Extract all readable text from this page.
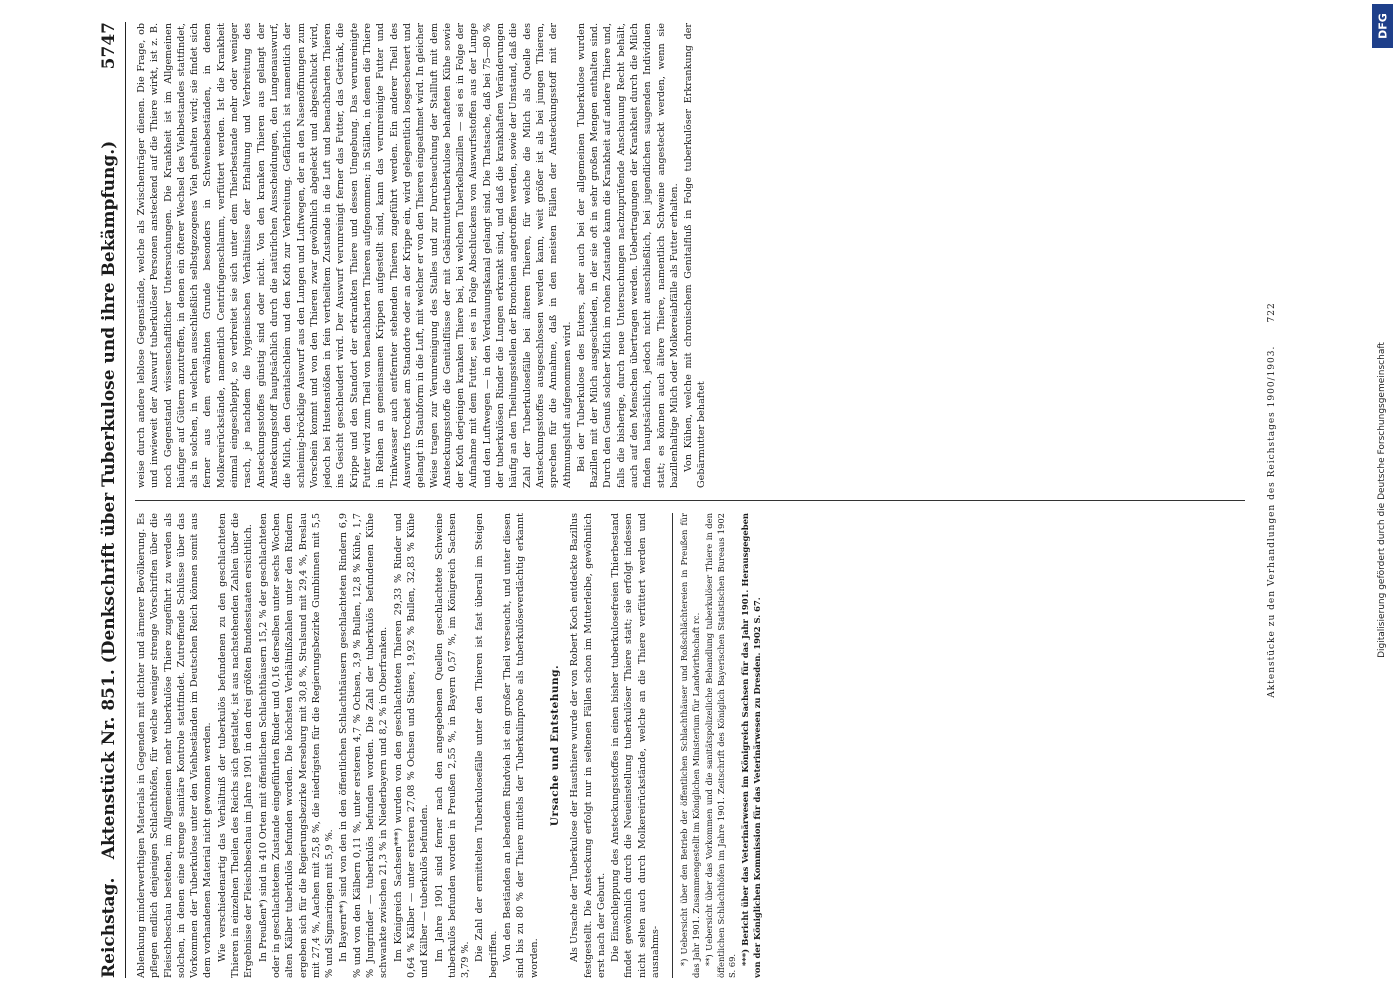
Reichstag.
Aktenstück Nr. 851. (Denkschrift über Tuberkulose und ihre Bekämpfung.)
5747

Ablenkung minderwerthigen Materials in Gegenden mit dichter und ärmerer Bevölkerung. Es pflegen endlich denjenigen Schlachthöfen, für welche weniger strenge Vorschriften über die Fleischbeschau bestehen, im Allgemeinen mehr tuberkulöse Thiere zugeführt zu werden als solchen, in denen eine strenge sanitäre Kontrole stattfindet. Zutreffende Schlüsse über das Vorkommen der Tuberkulose unter den Viehbeständen im Deutschen Reich können somit aus dem vorhandenen Material nicht gewonnen werden. Wie verschiedenartig das Verhältniß der tuberkulös befundenen zu den geschlachteten Thieren in einzelnen Theilen des Reichs sich gestaltet, ist aus nachstehenden Zahlen über die Ergebnisse der Fleischbeschau im Jahre 1901 in den drei größten Bundesstaaten ersichtlich. In Preußen*) sind in 410 Orten mit öffentlichen Schlachthäusern 15,2 % der geschlachteten oder in geschlachtetem Zustande eingeführten Rinder und 0,16 derselben unter sechs Wochen alten Kälber tuberkulös befunden worden. Die höchsten Verhältnißzahlen unter den Rindern ergeben sich für die Regierungsbezirke Merseburg mit 30,8 %, Stralsund mit 29,4 %, Breslau mit 27,4 %, Aachen mit 25,8 %, die niedrigsten für die Regierungsbezirke Gumbinnen mit 5,5 % und Sigmaringen mit 5,9 %. In Bayern**) sind von den in den öffentlichen Schlachthäusern geschlachteten Rindern 6,9 % und von den Kälbern 0,11 %, unter ersteren 4,7 % Ochsen, 3,9 % Bullen, 12,8 % Kühe, 1,7 % Jungrinder — tuberkulös befunden worden. Die Zahl der tuberkulös befundenen Kühe schwankte zwischen 21,3 % in Niederbayern und 8,2 % in Oberfranken. Im Königreich Sachsen***) wurden von den geschlachteten Thieren 29,33 % Rinder und 0,64 % Kälber — unter ersteren 27,08 % Ochsen und Stiere, 19,92 % Bullen, 32,83 % Kühe und Kälber — tuberkulös befunden. Im Jahre 1901 sind ferner nach den angegebenen Quellen geschlachtete Schweine tuberkulös befunden worden in Preußen 2,55 %, in Bayern 0,57 %, im Königreich Sachsen 3,79 %. Die Zahl der ermittelten Tuberkulosefälle unter den Thieren ist fast überall im Steigen begriffen. Von den Beständen an lebendem Rindvieh ist ein großer Theil verseucht, und unter diesen sind bis zu 80 % der Thiere mittels der Tuberkulinprobe als tuberkulöseverdächtig erkannt worden.

Ursache und Entstehung. Als Ursache der Tuberkulose der Hausthiere wurde der von Robert Koch entdeckte Bazillus festgestellt. Die Ansteckung erfolgt nur in seltenen Fällen schon im Mutterleibe, gewöhnlich erst nach der Geburt. Die Einschleppung des Ansteckungsstoffes in einen bisher tuberkulosefreien Thierbestand findet gewöhnlich durch die Neueinstellung tuberkulöser Thiere statt; sie erfolgt indessen nicht selten auch durch Molkereirückstände, welche an die Thiere verfüttert werden und ausnahms- *) Uebersicht über den Betrieb der öffentlichen Schlachthäuser und Roßschlächtereien in Preußen für das Jahr 1901. Zusammengestellt im Königlichen Ministerium für Landwirthschaft rc. **) Uebersicht über das Vorkommen und die sanitätspolizeiliche Behandlung tuberkulöser Thiere in den öffentlichen Schlachthöfen im Jahre 1901. Zeitschrift des Königlich Bayerischen Statistischen Bureaus 1902 S. 69. ***) Bericht über das Veterinärwesen im Königreich Sachsen für das Jahr 1901. Herausgegeben von der Königlichen Kommission für das Veterinärwesen zu Dresden. 1902 S. 67.

weise durch andere leblose Gegenstände, welche als Zwischenträger dienen. Die Frage, ob und inwieweit der Auswurf tuberkulöser Personen ansteckend auf die Thiere wirkt, ist z. B. noch Gegenstand wissenschaftlicher Untersuchungen. Die Krankheit ist im Allgemeinen häufiger auf Gütern anzutreffen, in denen ein öfterer Wechsel des Viehbestandes stattfindet, als in solchen, in welchen ausschließlich selbstgezogenes Vieh gehalten wird; sie findet sich ferner aus dem erwähnten Grunde besonders in Schweinebeständen, in denen Molkereirückstände, namentlich Centrifugenschlamm, verfüttert werden. Ist die Krankheit einmal eingeschleppt, so verbreitet sie sich unter dem Thierbestande mehr oder weniger rasch, je nachdem die hygienischen Verhältnisse der Erhaltung und Verbreitung des Ansteckungsstoffes günstig sind oder nicht. Von den kranken Thieren aus gelangt der Ansteckungsstoff hauptsächlich durch die natürlichen Ausscheidungen, den Lungenauswurf, die Milch, den Genitalschleim und den Koth zur Verbreitung. Gefährlich ist namentlich der schleimig-bröcklige Auswurf aus den Lungen und Luftwegen, der an den Nasenöffnungen zum Vorschein kommt und von den Thieren zwar gewöhnlich abgeleckt und abgeschluckt wird, jedoch bei Hustenstößen in fein vertheiltem Zustande in die Luft und benachbarten Thieren ins Gesicht geschleudert wird. Der Auswurf verunreinigt ferner das Futter, das Getränk, die Krippe und den Standort der erkrankten Thiere und dessen Umgebung. Das verunreinigte Futter wird zum Theil von benachbarten Thieren aufgenommen; in Ställen, in denen die Thiere in Reihen an gemeinsamen Krippen aufgestellt sind, kann das verunreinigte Futter und Trinkwasser auch entfernter stehenden Thieren zugeführt werden. Ein anderer Theil des Auswurfs trocknet am Standorte oder an der Krippe ein, wird gelegentlich losgescheuert und gelangt in Staubform in die Luft, mit welcher er von den Thieren eingeathmet wird. In gleicher Weise tragen zur Verunreinigung des Stalles und zur Durchseuchung der Stallluft mit dem Ansteckungsstoffe die Genitalflüsse der mit Gebärmuttertuberkulose behafteten Kühe sowie der Koth derjenigen kranken Thiere bei, bei welchen Tuberkelbazillen — sei es in Folge der Aufnahme mit dem Futter, sei es in Folge Abschluckens von Auswurfsstoffen aus der Lunge und den Luftwegen — in den Verdauungskanal gelangt sind. Die Thatsache, daß bei 75—80 % der tuberkulösen Rinder die Lungen erkrankt sind, und daß die krankhaften Veränderungen häufig an den Theilungsstellen der Bronchien angetroffen werden, sowie der Umstand, daß die Zahl der Tuberkulosefälle bei älteren Thieren, für welche die Milch als Quelle des Ansteckungsstoffes ausgeschlossen werden kann, weit größer ist als bei jungen Thieren, sprechen für die Annahme, daß in den meisten Fällen der Ansteckungsstoff mit der Athmungsluft aufgenommen wird. Bei der Tuberkulose des Euters, aber auch bei der allgemeinen Tuberkulose wurden Bazillen mit der Milch ausgeschieden, in der sie oft in sehr großen Mengen enthalten sind. Durch den Genuß solcher Milch im rohen Zustande kann die Krankheit auf andere Thiere und, falls die bisherige, durch neue Untersuchungen nachzuprüfende Anschauung Recht behält, auch auf den Menschen übertragen werden. Uebertragungen der Krankheit durch die Milch finden hauptsächlich, jedoch nicht ausschließlich, bei jugendlichen saugenden Individuen statt; es können auch ältere Thiere, namentlich Schweine angesteckt werden, wenn sie bazillenhaltige Milch oder Molkereiabfälle als Futter erhalten. Von Kühen, welche mit chronischem Genitalfluß in Folge tuberkulöser Erkrankung der Gebärmutter behaftet	Aktenstücke zu den Verhandlungen des Reichstages 1900/1903.      722
DFG
Digitalisierung gefördert durch die Deutsche Forschungsgemeinschaft
